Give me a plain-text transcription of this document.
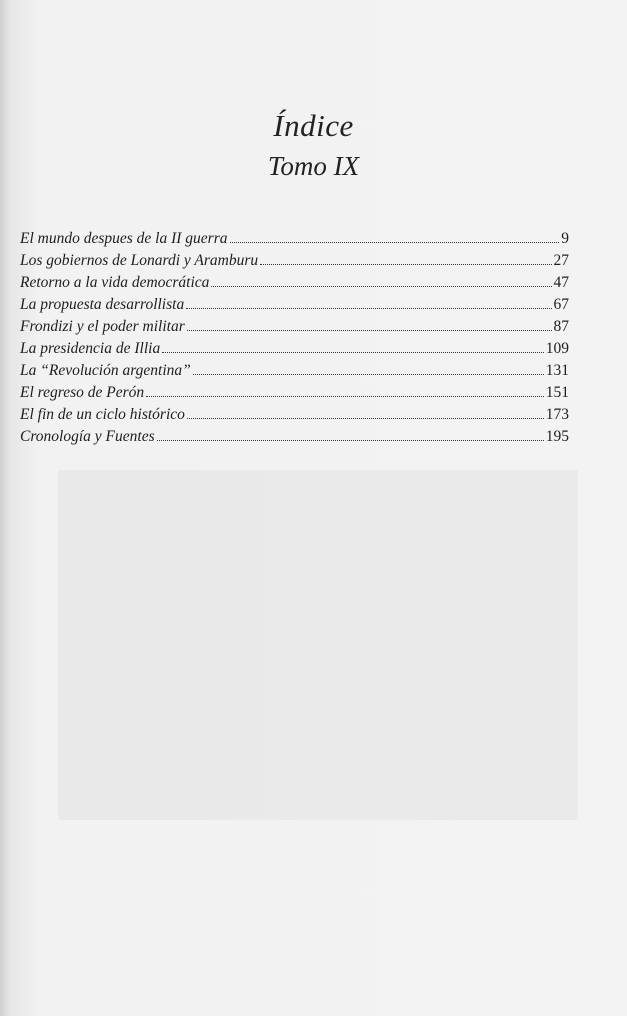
Índice
Tomo IX
El mundo despues de la II guerra	9
Los gobiernos de Lonardi y Aramburu	27
Retorno a la vida democrática	47
La propuesta desarrollista	67
Frondizi y el poder militar	87
La presidencia de Illia	109
La “Revolución argentina”	131
El regreso de Perón	151
El fin de un ciclo histórico	173
Cronología y Fuentes	195
